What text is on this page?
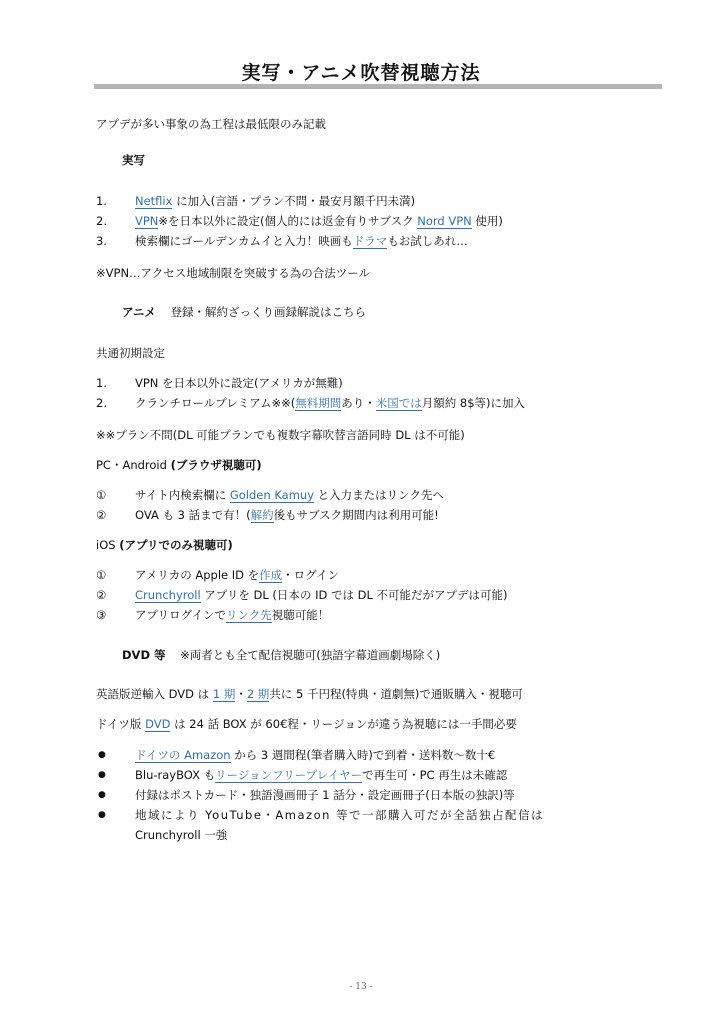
実写・アニメ吹替視聴方法
アプデが多い事象の為工程は最低限のみ記載
実写
1.	Netflix に加入(言語・プラン不問・最安月額千円未満)
2.	VPN※を日本以外に設定(個人的には返金有りサブスク Nord VPN 使用)
3.	検索欄にゴールデンカムイと入力！映画もドラマもお試しあれ…
※VPN…アクセス地域制限を突破する為の合法ツール
アニメ 登録・解約ざっくり画録解説はこちら
共通初期設定
1.	VPN を日本以外に設定(アメリカが無難)
2.	クランチロールプレミアム※※(無料期間あり・米国では月額約 8$等)に加入
※※プラン不問(DL 可能プランでも複数字幕吹替言語同時 DL は不可能)
PC・Android (ブラウザ視聴可)
①	サイト内検索欄に Golden Kamuy と入力またはリンク先へ
②	OVA も 3 話まで有！(解約後もサブスク期間内は利用可能!
iOS (アプリでのみ視聴可)
①	アメリカの Apple ID を作成・ログイン
②	Crunchyroll アプリを DL (日本の ID では DL 不可能だがアプデは可能)
③	アプリログインでリンク先視聴可能！
DVD 等 ※両者とも全て配信視聴可(独語字幕道画劇場除く)
英語版逆輸入 DVD は 1 期・2 期共に 5 千円程(特典・道劇無)で通販購入・視聴可
ドイツ版 DVD は 24 話 BOX が 60€程・リージョンが違う為視聴には一手間必要
●	ドイツの Amazon から 3 週間程(筆者購入時)で到着・送料数〜数十€
●	Blu-rayBOX もリージョンフリープレイヤーで再生可・PC 再生は未確認
●	付録はポストカード・独語漫画冊子 1 話分・設定画冊子(日本版の独訳)等
●	地域により YouTube・Amazon 等で一部購入可だが全話独占配信は
Crunchyroll 一強
- 13 -
